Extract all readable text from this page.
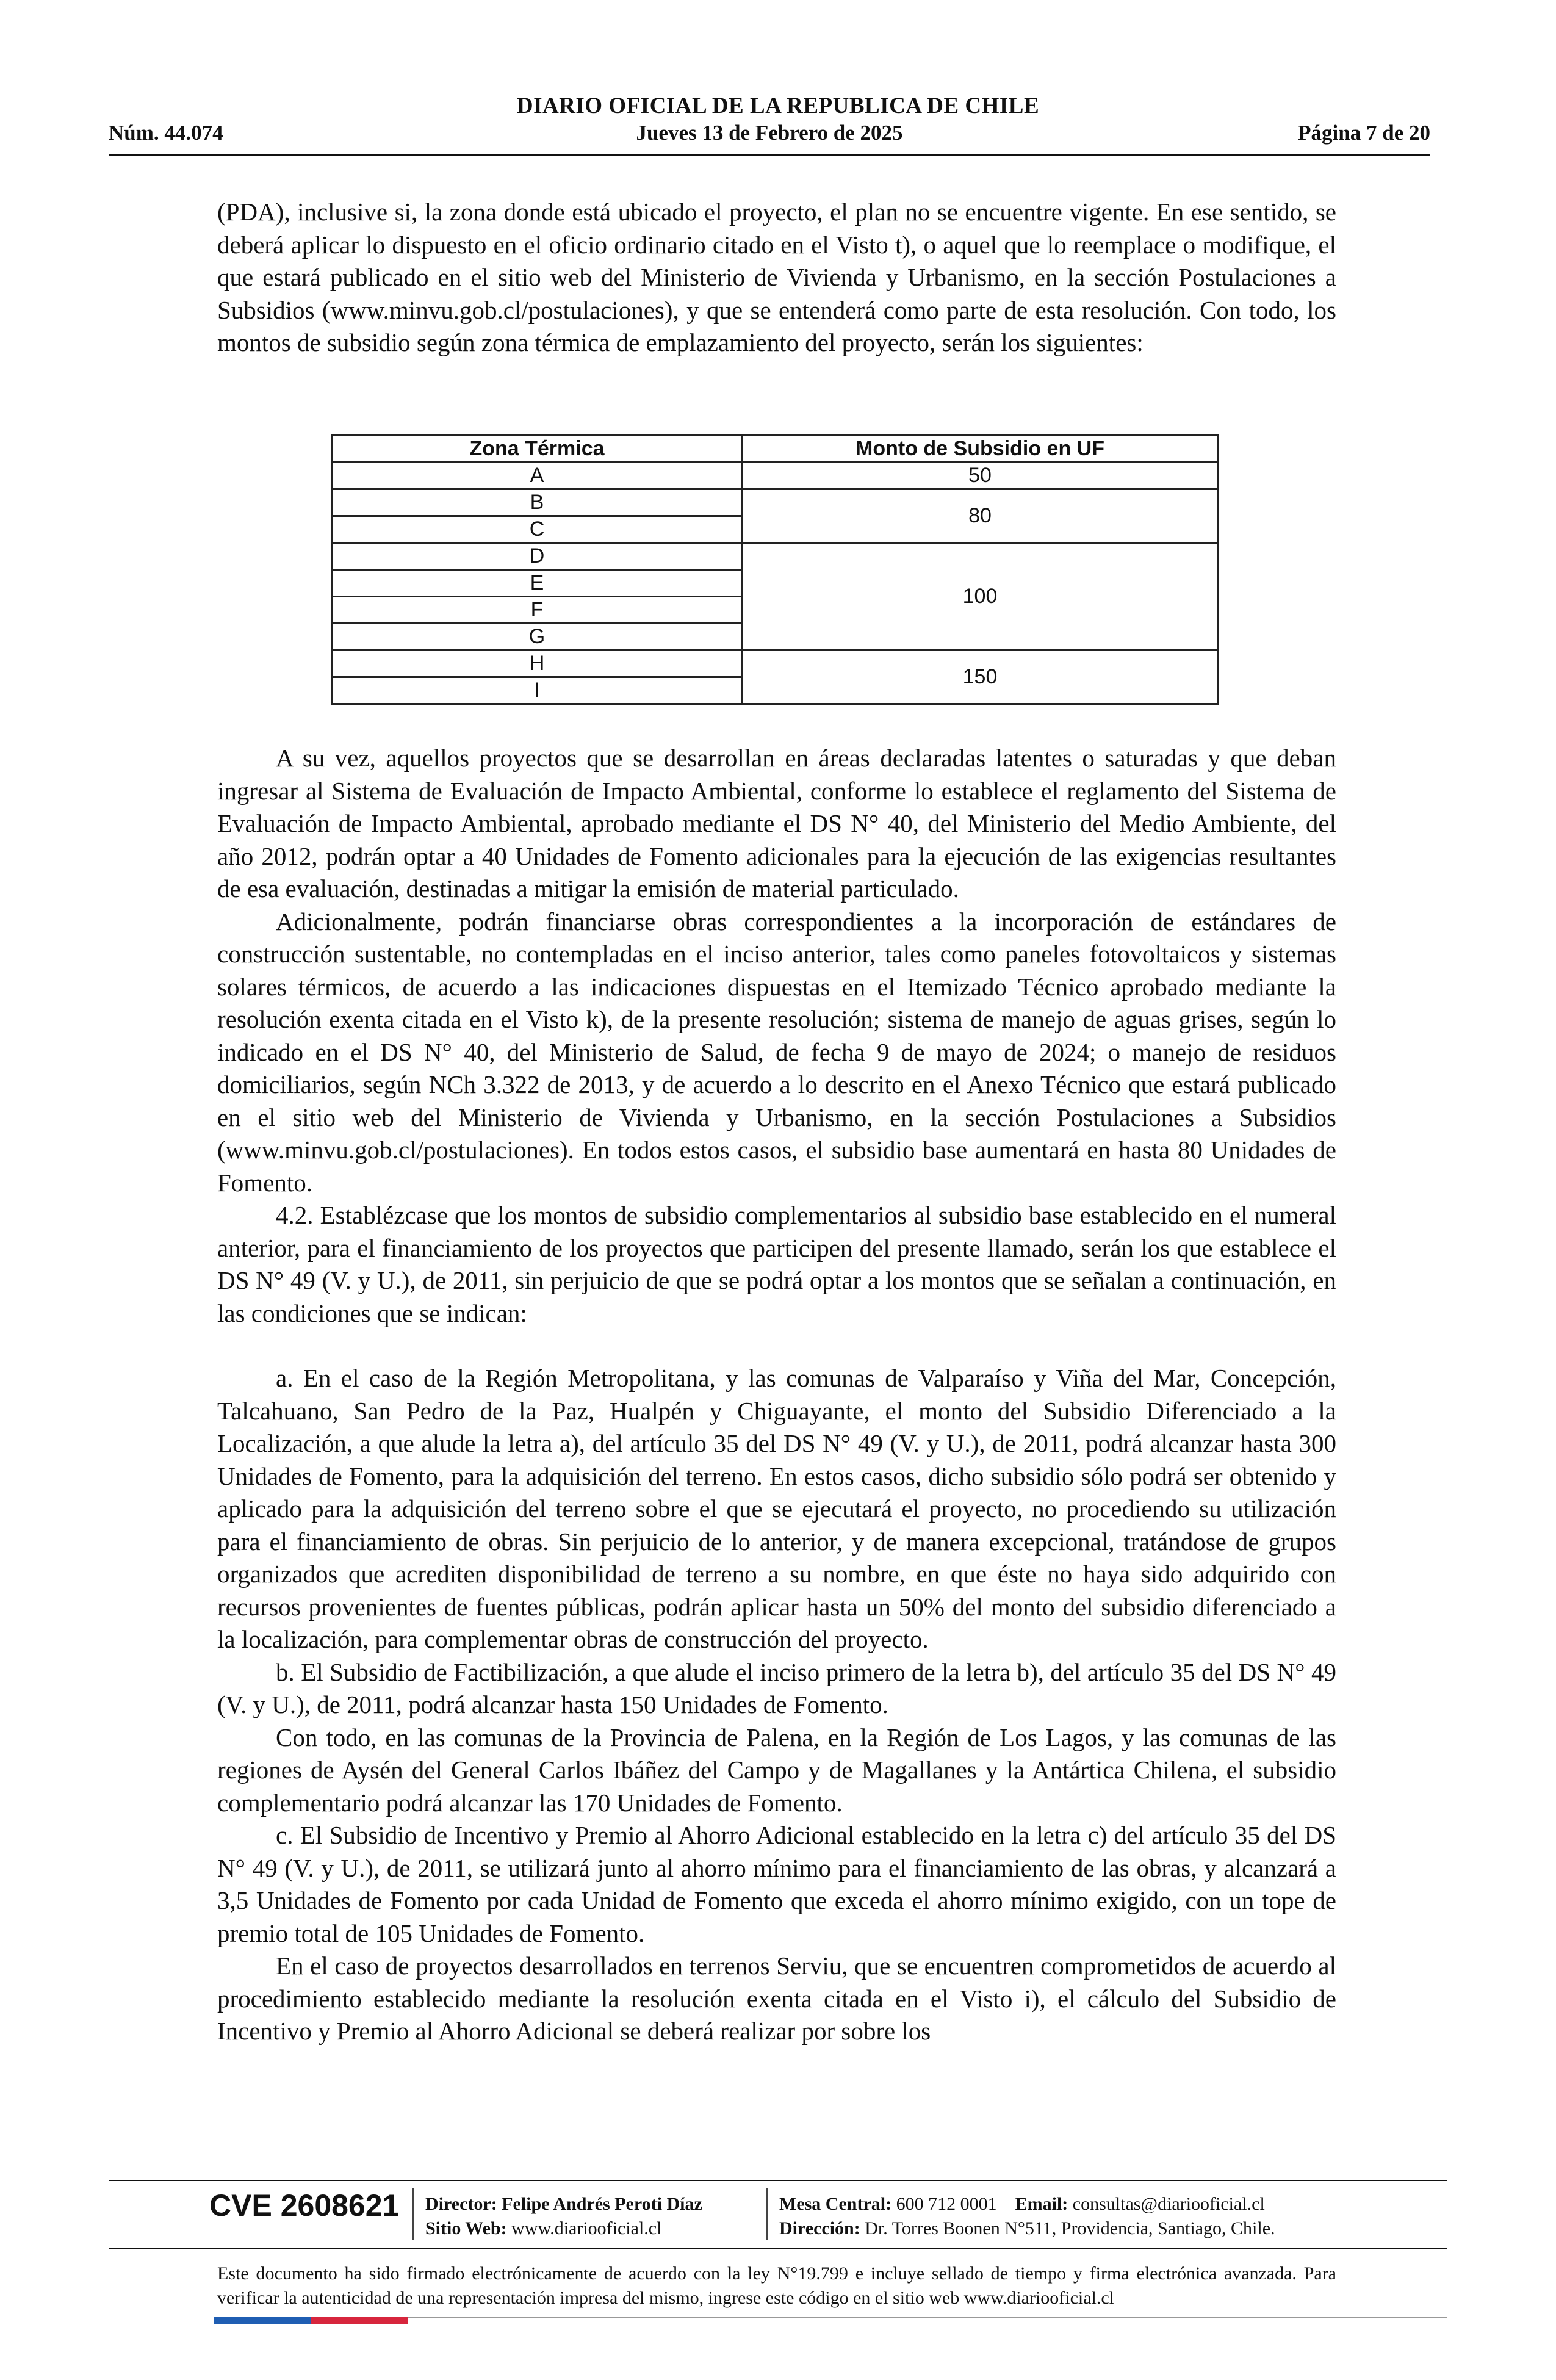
DIARIO OFICIAL DE LA REPUBLICA DE CHILE
Núm. 44.074	Jueves 13 de Febrero de 2025	Página 7 de 20

(PDA), inclusive si, la zona donde está ubicado el proyecto, el plan no se encuentre vigente. En ese sentido, se deberá aplicar lo dispuesto en el oficio ordinario citado en el Visto t), o aquel que lo reemplace o modifique, el que estará publicado en el sitio web del Ministerio de Vivienda y Urbanismo, en la sección Postulaciones a Subsidios (www.minvu.gob.cl/postulaciones), y que se entenderá como parte de esta resolución. Con todo, los montos de subsidio según zona térmica de emplazamiento del proyecto, serán los siguientes:

Zona Térmica	Monto de Subsidio en UF
A	50
B	80
C	
D	100
E	
F	
G	
H	150
I	

A su vez, aquellos proyectos que se desarrollan en áreas declaradas latentes o saturadas y que deban ingresar al Sistema de Evaluación de Impacto Ambiental, conforme lo establece el reglamento del Sistema de Evaluación de Impacto Ambiental, aprobado mediante el DS N° 40, del Ministerio del Medio Ambiente, del año 2012, podrán optar a 40 Unidades de Fomento adicionales para la ejecución de las exigencias resultantes de esa evaluación, destinadas a mitigar la emisión de material particulado.

Adicionalmente, podrán financiarse obras correspondientes a la incorporación de estándares de construcción sustentable, no contempladas en el inciso anterior, tales como paneles fotovoltaicos y sistemas solares térmicos, de acuerdo a las indicaciones dispuestas en el Itemizado Técnico aprobado mediante la resolución exenta citada en el Visto k), de la presente resolución; sistema de manejo de aguas grises, según lo indicado en el DS N° 40, del Ministerio de Salud, de fecha 9 de mayo de 2024; o manejo de residuos domiciliarios, según NCh 3.322 de 2013, y de acuerdo a lo descrito en el Anexo Técnico que estará publicado en el sitio web del Ministerio de Vivienda y Urbanismo, en la sección Postulaciones a Subsidios (www.minvu.gob.cl/postulaciones). En todos estos casos, el subsidio base aumentará en hasta 80 Unidades de Fomento.

4.2. Establézcase que los montos de subsidio complementarios al subsidio base establecido en el numeral anterior, para el financiamiento de los proyectos que participen del presente llamado, serán los que establece el DS N° 49 (V. y U.), de 2011, sin perjuicio de que se podrá optar a los montos que se señalan a continuación, en las condiciones que se indican:

a. En el caso de la Región Metropolitana, y las comunas de Valparaíso y Viña del Mar, Concepción, Talcahuano, San Pedro de la Paz, Hualpén y Chiguayante, el monto del Subsidio Diferenciado a la Localización, a que alude la letra a), del artículo 35 del DS N° 49 (V. y U.), de 2011, podrá alcanzar hasta 300 Unidades de Fomento, para la adquisición del terreno. En estos casos, dicho subsidio sólo podrá ser obtenido y aplicado para la adquisición del terreno sobre el que se ejecutará el proyecto, no procediendo su utilización para el financiamiento de obras. Sin perjuicio de lo anterior, y de manera excepcional, tratándose de grupos organizados que acrediten disponibilidad de terreno a su nombre, en que éste no haya sido adquirido con recursos provenientes de fuentes públicas, podrán aplicar hasta un 50% del monto del subsidio diferenciado a la localización, para complementar obras de construcción del proyecto.

b. El Subsidio de Factibilización, a que alude el inciso primero de la letra b), del artículo 35 del DS N° 49 (V. y U.), de 2011, podrá alcanzar hasta 150 Unidades de Fomento.

Con todo, en las comunas de la Provincia de Palena, en la Región de Los Lagos, y las comunas de las regiones de Aysén del General Carlos Ibáñez del Campo y de Magallanes y la Antártica Chilena, el subsidio complementario podrá alcanzar las 170 Unidades de Fomento.

c. El Subsidio de Incentivo y Premio al Ahorro Adicional establecido en la letra c) del artículo 35 del DS N° 49 (V. y U.), de 2011, se utilizará junto al ahorro mínimo para el financiamiento de las obras, y alcanzará a 3,5 Unidades de Fomento por cada Unidad de Fomento que exceda el ahorro mínimo exigido, con un tope de premio total de 105 Unidades de Fomento.

En el caso de proyectos desarrollados en terrenos Serviu, que se encuentren comprometidos de acuerdo al procedimiento establecido mediante la resolución exenta citada en el Visto i), el cálculo del Subsidio de Incentivo y Premio al Ahorro Adicional se deberá realizar por sobre los

CVE 2608621 Director: Felipe Andrés Peroti Díaz
Sitio Web: www.diariooficial.cl
Mesa Central: 600 712 0001 Email: consultas@diariooficial.cl
Dirección: Dr. Torres Boonen N°511, Providencia, Santiago, Chile.
Este documento ha sido firmado electrónicamente de acuerdo con la ley N°19.799 e incluye sellado de tiempo y firma electrónica avanzada. Para verificar la autenticidad de una representación impresa del mismo, ingrese este código en el sitio web www.diariooficial.cl
